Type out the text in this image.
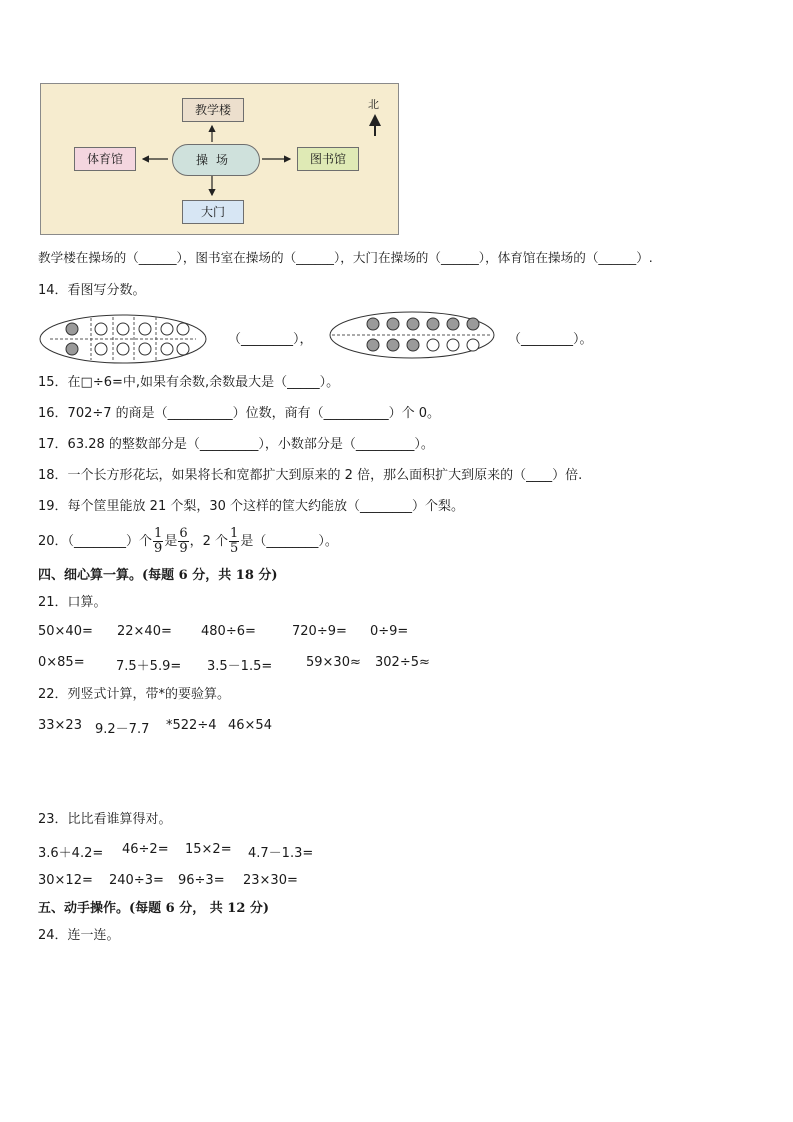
教学楼
体育馆	操场	图书馆
大门
北
教学楼在操场的（______），图书室在操场的（______），大门在操场的（______），体育馆在操场的（______）.
14．看图写分数。
（________），	（________）。
15．在□÷6=中,如果有余数,余数最大是（_____）。
16．702÷7 的商是（__________）位数，商有（__________）个 0。
17．63.28 的整数部分是（_________），小数部分是（_________）。
18．一个长方形花坛，如果将长和宽都扩大到原来的 2 倍，那么面积扩大到原来的（____）倍.
19．每个筐里能放 21 个梨，30 个这样的筐大约能放（________）个梨。
20．（________）个 $\frac{1}{9}$ 是 $\frac{6}{9}$ ，2 个 $\frac{1}{5}$ 是（________）。
四、细心算一算。(每题 6 分，共 18 分)
21．口算。
50×40= 22×40= 480÷6=	720÷9= 0÷9=
0×85= 7.5＋5.9= 3.5－1.5=	59×30≈ 302÷5≈
22．列竖式计算，带*的要验算。
33×23 9.2－7.7 *522÷4 46×54
23．比比看谁算得对。
3.6＋4.2= 46÷2= 15×2= 4.7－1.3=
30×12= 240÷3= 96÷3= 23×30=
五、动手操作。(每题 6 分， 共 12 分)
24．连一连。
